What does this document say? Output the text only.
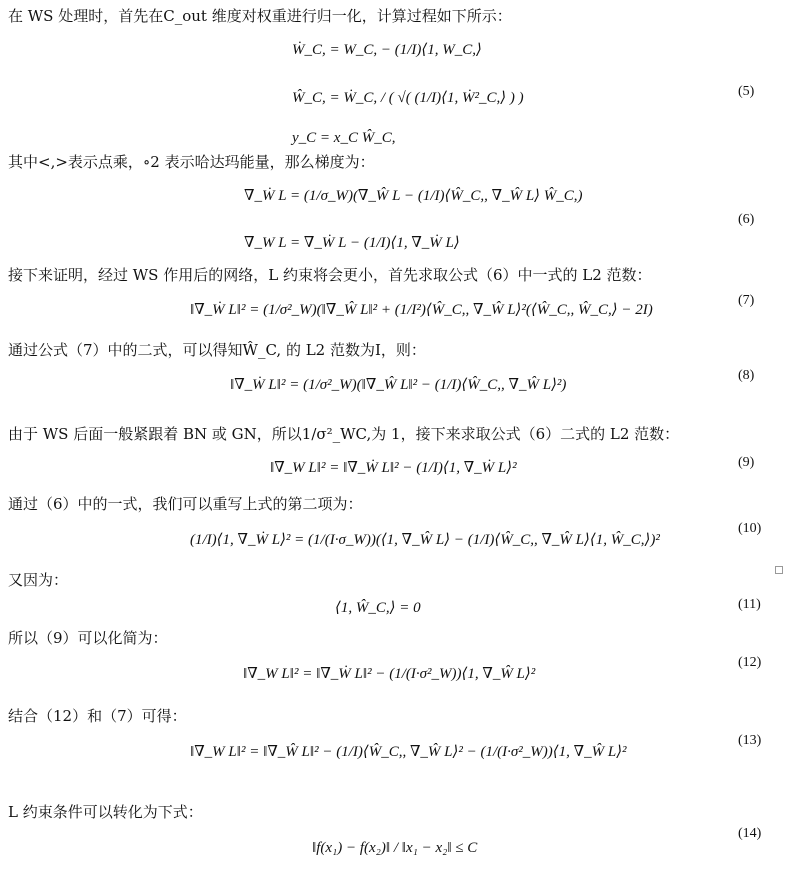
在 WS 处理时，首先在C_out 维度对权重进行归一化，计算过程如下所示：
Ẇ_C, = W_C, − (1/I)⟨1, W_C,⟩
Ŵ_C, = Ẇ_C, / ( √( (1/I)⟨1, Ẇ²_C,⟩ ) )
y_C = x_C Ŵ_C,
(5)
其中<,>表示点乘，∘2 表示哈达玛能量，那么梯度为：
∇_Ẇ L = (1/σ_W)(∇_Ŵ L − (1/I)⟨Ŵ_C,, ∇_Ŵ L⟩ Ŵ_C,)
∇_W L = ∇_Ẇ L − (1/I)⟨1, ∇_Ẇ L⟩
(6)
接下来证明，经过 WS 作用后的网络，L 约束将会更小，首先求取公式（6）中一式的 L2 范数：
‖∇_Ẇ L‖² = (1/σ²_W)(‖∇_Ŵ L‖² + (1/I²)⟨Ŵ_C,, ∇_Ŵ L⟩²(⟨Ŵ_C,, Ŵ_C,⟩ − 2I)
(7)
通过公式（7）中的二式，可以得知Ŵ_C, 的 L2 范数为I，则：
‖∇_Ẇ L‖² = (1/σ²_W)(‖∇_Ŵ L‖² − (1/I)⟨Ŵ_C,, ∇_Ŵ L⟩²)
(8)
由于 WS 后面一般紧跟着 BN 或 GN，所以1/σ²_WC,为 1，接下来求取公式（6）二式的 L2 范数：
‖∇_W L‖² = ‖∇_Ẇ L‖² − (1/I)⟨1, ∇_Ẇ L⟩²	(9)
通过（6）中的一式，我们可以重写上式的第二项为：
(1/I)⟨1, ∇_Ẇ L⟩² = (1/(I·σ_W))(⟨1, ∇_Ŵ L⟩ − (1/I)⟨Ŵ_C,, ∇_Ŵ L⟩⟨1, Ŵ_C,⟩)²
(10)
又因为：
⟨1, Ŵ_C,⟩ = 0	(11)
所以（9）可以化简为：
‖∇_W L‖² = ‖∇_Ẇ L‖² − (1/(I·σ²_W))⟨1, ∇_Ŵ L⟩²
(12)
结合（12）和（7）可得：
‖∇_W L‖² = ‖∇_Ŵ L‖² − (1/I)⟨Ŵ_C,, ∇_Ŵ L⟩² − (1/(I·σ²_W))⟨1, ∇_Ŵ L⟩²
(13)
L 约束条件可以转化为下式：
‖f(x₁) − f(x₂)‖ / ‖x₁ − x₂‖ ≤ C
(14)
